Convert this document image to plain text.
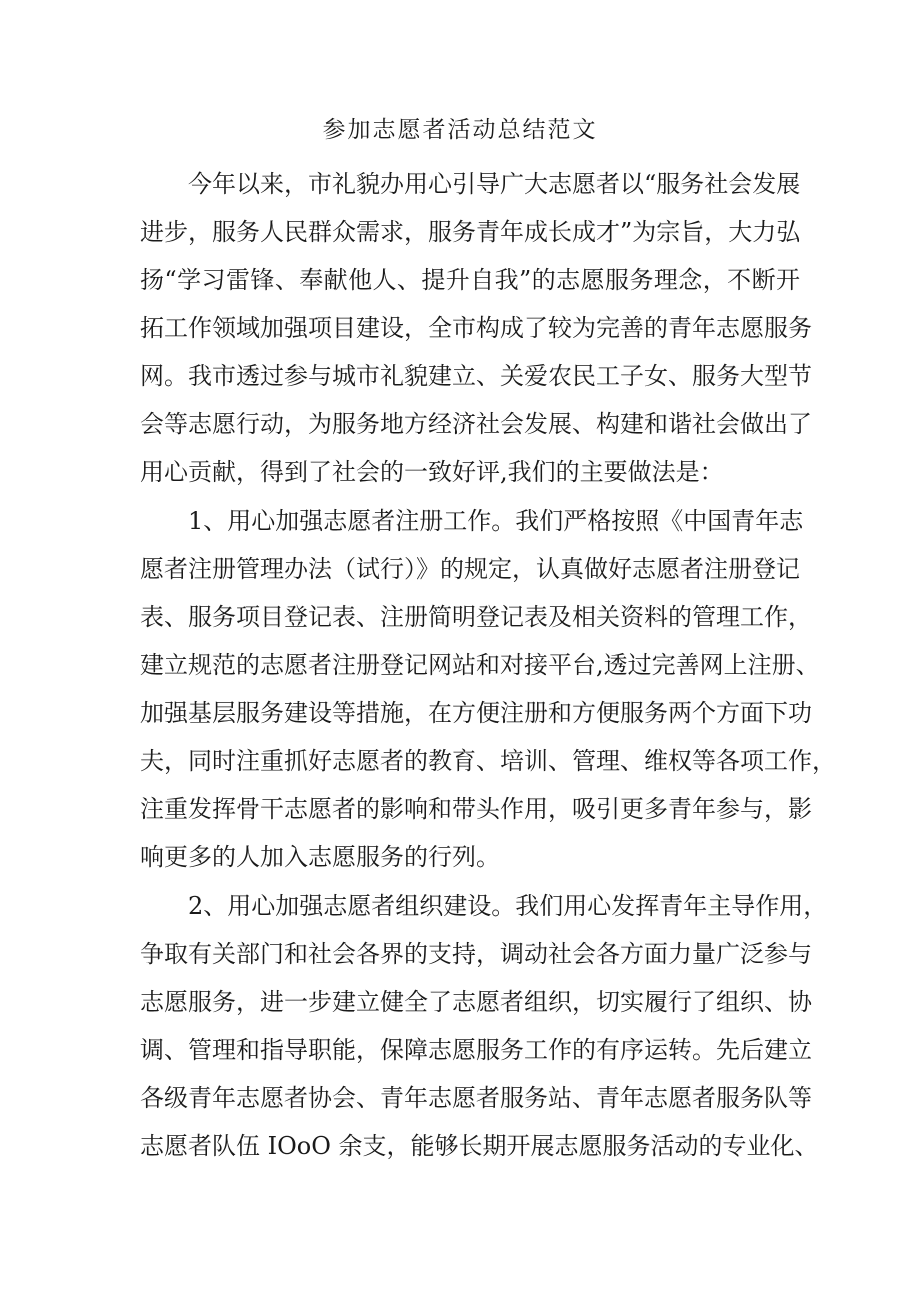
参加志愿者活动总结范文
今年以来，市礼貌办用心引导广大志愿者以“服务社会发展
进步，服务人民群众需求，服务青年成长成才”为宗旨，大力弘
扬“学习雷锋、奉献他人、提升自我”的志愿服务理念，不断开
拓工作领域加强项目建设，全市构成了较为完善的青年志愿服务
网。我市透过参与城市礼貌建立、关爱农民工子女、服务大型节
会等志愿行动，为服务地方经济社会发展、构建和谐社会做出了
用心贡献，得到了社会的一致好评,我们的主要做法是：
1、用心加强志愿者注册工作。我们严格按照《中国青年志
愿者注册管理办法（试行）》的规定，认真做好志愿者注册登记
表、服务项目登记表、注册简明登记表及相关资料的管理工作，
建立规范的志愿者注册登记网站和对接平台,透过完善网上注册、
加强基层服务建设等措施，在方便注册和方便服务两个方面下功
夫，同时注重抓好志愿者的教育、培训、管理、维权等各项工作，
注重发挥骨干志愿者的影响和带头作用，吸引更多青年参与，影
响更多的人加入志愿服务的行列。
2、用心加强志愿者组织建设。我们用心发挥青年主导作用，
争取有关部门和社会各界的支持，调动社会各方面力量广泛参与
志愿服务，进一步建立健全了志愿者组织，切实履行了组织、协
调、管理和指导职能，保障志愿服务工作的有序运转。先后建立
各级青年志愿者协会、青年志愿者服务站、青年志愿者服务队等
志愿者队伍 IOoO 余支，能够长期开展志愿服务活动的专业化、
